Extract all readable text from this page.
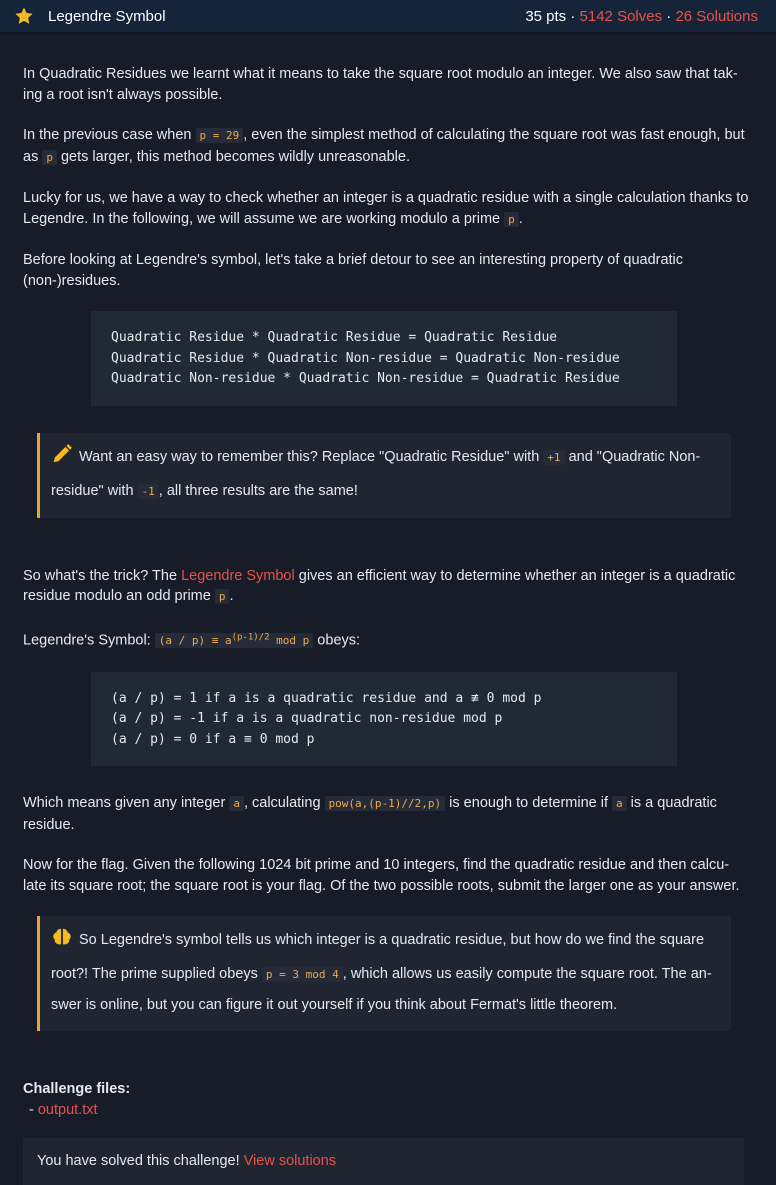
Legendre Symbol	35 pts · 5142 Solves · 26 Solutions

In Quadratic Residues we learnt what it means to take the square root modulo an integer. We also saw that tak-ing a root isn't always possible.

In the previous case when p = 29 , even the simplest method of calculating the square root was fast enough, but as p gets larger, this method becomes wildly unreasonable.

Lucky for us, we have a way to check whether an integer is a quadratic residue with a single calculation thanks to Legendre. In the following, we will assume we are working modulo a prime p .

Before looking at Legendre's symbol, let's take a brief detour to see an interesting property of quadratic (non-)residues.

Quadratic Residue * Quadratic Residue = Quadratic Residue
Quadratic Residue * Quadratic Non-residue = Quadratic Non-residue
Quadratic Non-residue * Quadratic Non-residue = Quadratic Residue
Want an easy way to remember this? Replace "Quadratic Residue" with +1 and "Quadratic Non-residue" with -1 , all three results are the same!

So what's the trick? The Legendre Symbol gives an efficient way to determine whether an integer is a quadratic residue modulo an odd prime p .

Legendre's Symbol: $(a / p) \equiv a^{(p-1)/2}$ mod p obeys:

(a / p) = 1 if a is a quadratic residue and a ≢ 0 mod p
(a / p) = -1 if a is a quadratic non-residue mod p
(a / p) = 0 if a ≡ 0 mod p

Which means given any integer a , calculating pow(a,(p-1)//2,p) is enough to determine if a is a quadratic residue.

Now for the flag. Given the following 1024 bit prime and 10 integers, find the quadratic residue and then calcu-late its square root; the square root is your flag. Of the two possible roots, submit the larger one as your answer.

So Legendre's symbol tells us which integer is a quadratic residue, but how do we find the square root?! The prime supplied obeys p = 3 mod 4 , which allows us easily compute the square root. The an-swer is online, but you can figure it out yourself if you think about Fermat's little theorem.

Challenge files:

- output.txt
You have solved this challenge! View solutions
